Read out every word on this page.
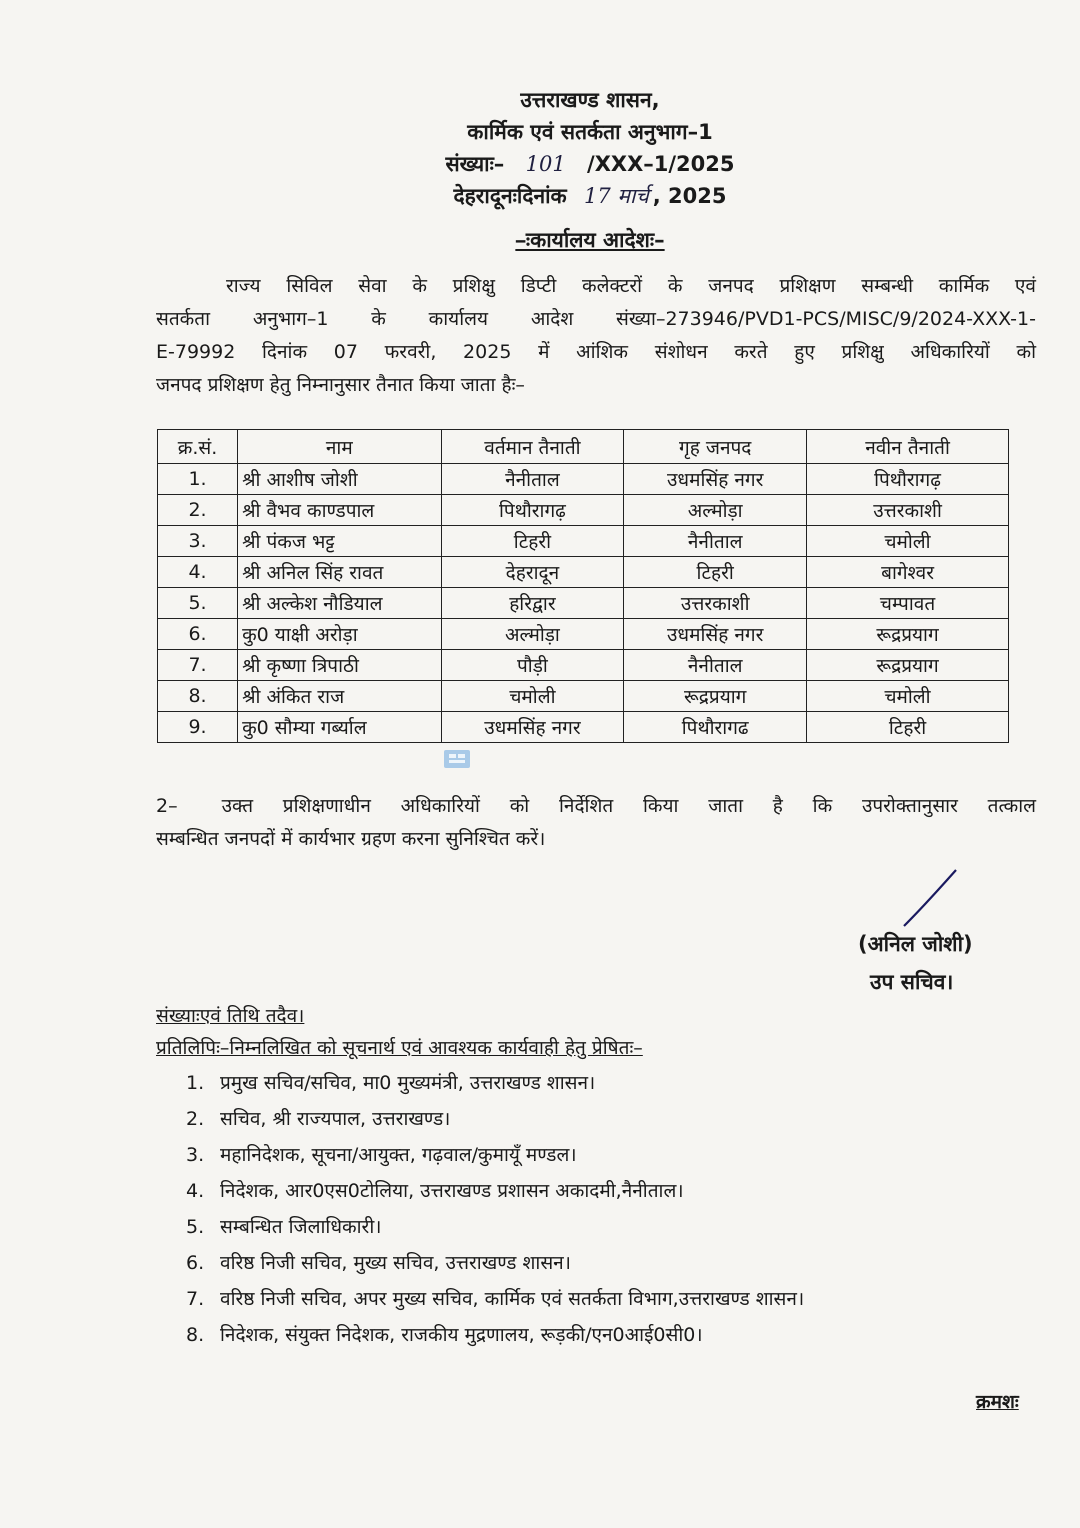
उत्तराखण्ड शासन,
कार्मिक एवं सतर्कता अनुभाग–1
संख्याः– 101 /XXX–1/2025
देहरादूनःदिनांक 17 मार्च , 2025
–ःकार्यालय आदेशः–
राज्य सिविल सेवा के प्रशिक्षु डिप्टी कलेक्टरों के जनपद प्रशिक्षण सम्बन्धी कार्मिक एवं
सतर्कता अनुभाग–1 के कार्यालय आदेश संख्या–273946/PVD1-PCS/MISC/9/2024-XXX-1-
E-79992 दिनांक 07 फरवरी, 2025 में आंशिक संशोधन करते हुए प्रशिक्षु अधिकारियों को
जनपद प्रशिक्षण हेतु निम्नानुसार तैनात किया जाता हैः–
क्र.सं.	नाम	वर्तमान तैनाती	गृह जनपद	नवीन तैनाती
1.	श्री आशीष जोशी	नैनीताल	उधमसिंह नगर	पिथौरागढ़
2.	श्री वैभव काण्डपाल	पिथौरागढ़	अल्मोड़ा	उत्तरकाशी
3.	श्री पंकज भट्ट	टिहरी	नैनीताल	चमोली
4.	श्री अनिल सिंह रावत	देहरादून	टिहरी	बागेश्वर
5.	श्री अल्केश नौडियाल	हरिद्वार	उत्तरकाशी	चम्पावत
6.	कु0 याक्षी अरोड़ा	अल्मोड़ा	उधमसिंह नगर	रूद्रप्रयाग
7.	श्री कृष्णा त्रिपाठी	पौड़ी	नैनीताल	रूद्रप्रयाग
8.	श्री अंकित राज	चमोली	रूद्रप्रयाग	चमोली
9.	कु0 सौम्या गर्ब्याल	उधमसिंह नगर	पिथौरागढ	टिहरी
2– उक्त प्रशिक्षणाधीन अधिकारियों को निर्देशित किया जाता है कि उपरोक्तानुसार तत्काल
सम्बन्धित जनपदों में कार्यभार ग्रहण करना सुनिश्चित करें।
(अनिल जोशी)
उप सचिव।
संख्याःएवं तिथि तदैव।
प्रतिलिपिः–निम्नलिखित को सूचनार्थ एवं आवश्यक कार्यवाही हेतु प्रेषितः–
1. प्रमुख सचिव/सचिव, मा0 मुख्यमंत्री, उत्तराखण्ड शासन।
2. सचिव, श्री राज्यपाल, उत्तराखण्ड।
3. महानिदेशक, सूचना/आयुक्त, गढ़वाल/कुमायूँ मण्डल।
4. निदेशक, आर0एस0टोलिया, उत्तराखण्ड प्रशासन अकादमी,नैनीताल।
5. सम्बन्धित जिलाधिकारी।
6. वरिष्ठ निजी सचिव, मुख्य सचिव, उत्तराखण्ड शासन।
7. वरिष्ठ निजी सचिव, अपर मुख्य सचिव, कार्मिक एवं सतर्कता विभाग,उत्तराखण्ड शासन।
8. निदेशक, संयुक्त निदेशक, राजकीय मुद्रणालय, रूड़की/एन0आई0सी0।
क्रमशः
